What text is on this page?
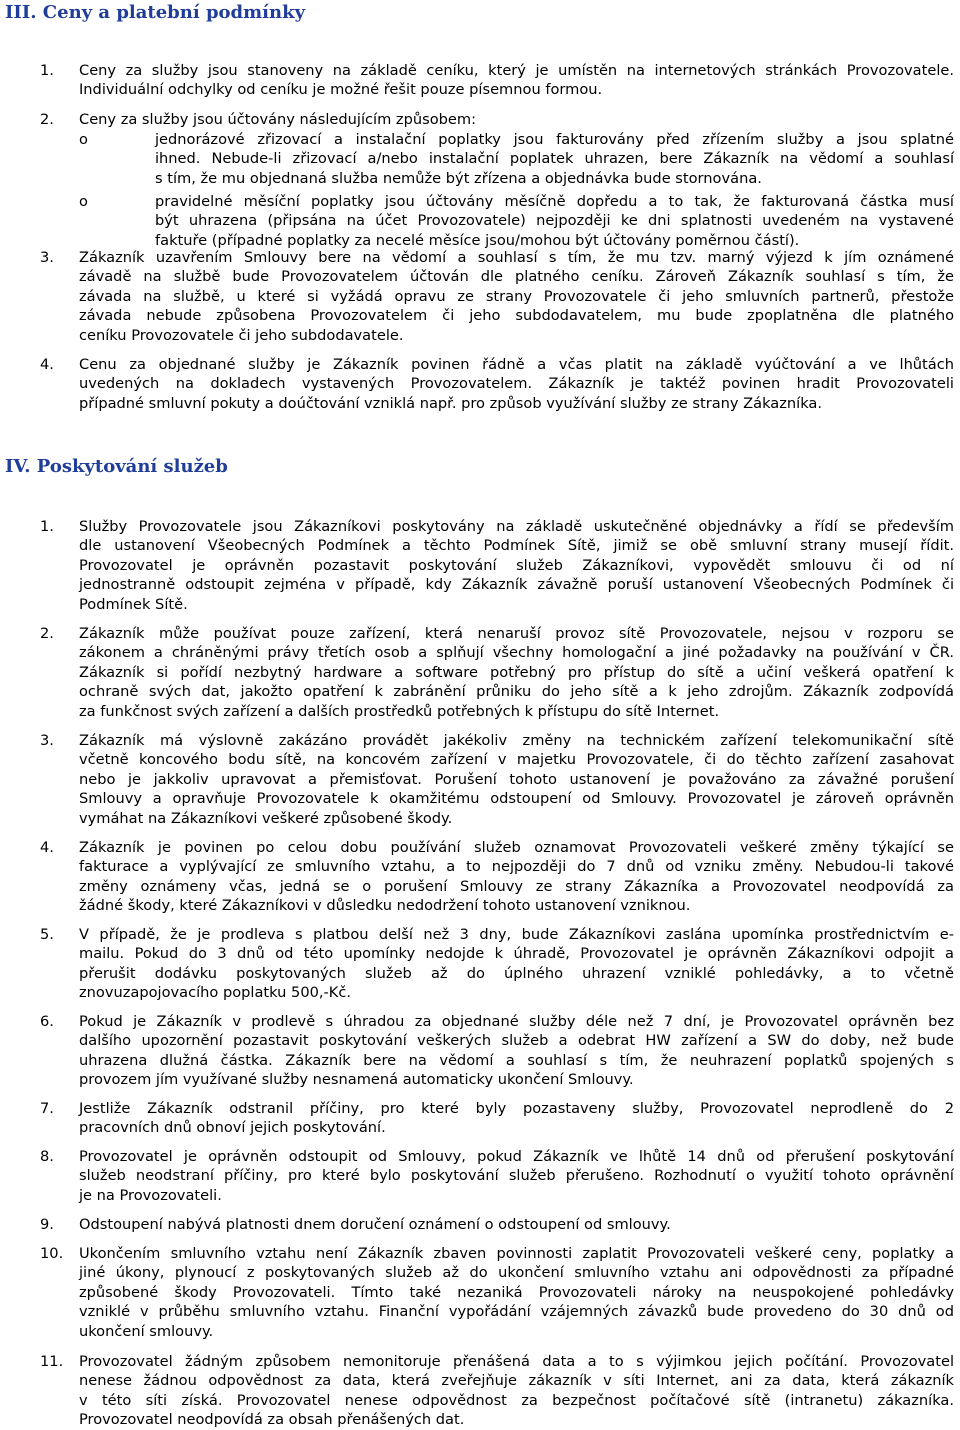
III. Ceny a platební podmínky
1. Ceny za služby jsou stanoveny na základě ceníku, který je umístěn na internetových stránkách Provozovatele.
Individuální odchylky od ceníku je možné řešit pouze písemnou formou.
2. Ceny za služby jsou účtovány následujícím způsobem:
o	jednorázové zřizovací a instalační poplatky jsou fakturovány před zřízením služby a jsou splatné
ihned. Nebude-li zřizovací a/nebo instalační poplatek uhrazen, bere Zákazník na vědomí a souhlasí
s tím, že mu objednaná služba nemůže být zřízena a objednávka bude stornována.
o	pravidelné měsíční poplatky jsou účtovány měsíčně dopředu a to tak, že fakturovaná částka musí
být uhrazena (připsána na účet Provozovatele) nejpozději ke dni splatnosti uvedeném na vystavené
faktuře (případné poplatky za necelé měsíce jsou/mohou být účtovány poměrnou částí).
3. Zákazník uzavřením Smlouvy bere na vědomí a souhlasí s tím, že mu tzv. marný výjezd k jím oznámené
závadě na službě bude Provozovatelem účtován dle platného ceníku. Zároveň Zákazník souhlasí s tím, že
závada na službě, u které si vyžádá opravu ze strany Provozovatele či jeho smluvních partnerů, přestože
závada nebude způsobena Provozovatelem či jeho subdodavatelem, mu bude zpoplatněna dle platného
ceníku Provozovatele či jeho subdodavatele.
4. Cenu za objednané služby je Zákazník povinen řádně a včas platit na základě vyúčtování a ve lhůtách
uvedených na dokladech vystavených Provozovatelem. Zákazník je taktéž povinen hradit Provozovateli
případné smluvní pokuty a doúčtování vzniklá např. pro způsob využívání služby ze strany Zákazníka.
IV. Poskytování služeb
1. Služby Provozovatele jsou Zákazníkovi poskytovány na základě uskutečněné objednávky a řídí se především
dle ustanovení Všeobecných Podmínek a těchto Podmínek Sítě, jimiž se obě smluvní strany musejí řídit.
Provozovatel je oprávněn pozastavit poskytování služeb Zákazníkovi, vypovědět smlouvu či od ní
jednostranně odstoupit zejména v případě, kdy Zákazník závažně poruší ustanovení Všeobecných Podmínek či
Podmínek Sítě.
2. Zákazník může používat pouze zařízení, která nenaruší provoz sítě Provozovatele, nejsou v rozporu se
zákonem a chráněnými právy třetích osob a splňují všechny homologační a jiné požadavky na používání v ČR.
Zákazník si pořídí nezbytný hardware a software potřebný pro přístup do sítě a učiní veškerá opatření k
ochraně svých dat, jakožto opatření k zabránění průniku do jeho sítě a k jeho zdrojům. Zákazník zodpovídá
za funkčnost svých zařízení a dalších prostředků potřebných k přístupu do sítě Internet.
3. Zákazník má výslovně zakázáno provádět jakékoliv změny na technickém zařízení telekomunikační sítě
včetně koncového bodu sítě, na koncovém zařízení v majetku Provozovatele, či do těchto zařízení zasahovat
nebo je jakkoliv upravovat a přemisťovat. Porušení tohoto ustanovení je považováno za závažné porušení
Smlouvy a opravňuje Provozovatele k okamžitému odstoupení od Smlouvy. Provozovatel je zároveň oprávněn
vymáhat na Zákazníkovi veškeré způsobené škody.
4. Zákazník je povinen po celou dobu používání služeb oznamovat Provozovateli veškeré změny týkající se
fakturace a vyplývající ze smluvního vztahu, a to nejpozději do 7 dnů od vzniku změny. Nebudou-li takové
změny oznámeny včas, jedná se o porušení Smlouvy ze strany Zákazníka a Provozovatel neodpovídá za
žádné škody, které Zákazníkovi v důsledku nedodržení tohoto ustanovení vzniknou.
5. V případě, že je prodleva s platbou delší než 3 dny, bude Zákazníkovi zaslána upomínka prostřednictvím e-
mailu. Pokud do 3 dnů od této upomínky nedojde k úhradě, Provozovatel je oprávněn Zákazníkovi odpojit a
přerušit dodávku poskytovaných služeb až do úplného uhrazení vzniklé pohledávky, a to včetně
znovuzapojovacího poplatku 500,-Kč.
6. Pokud je Zákazník v prodlevě s úhradou za objednané služby déle než 7 dní, je Provozovatel oprávněn bez
dalšího upozornění pozastavit poskytování veškerých služeb a odebrat HW zařízení a SW do doby, než bude
uhrazena dlužná částka. Zákazník bere na vědomí a souhlasí s tím, že neuhrazení poplatků spojených s
provozem jím využívané služby nesnamená automaticky ukončení Smlouvy.
7. Jestliže Zákazník odstranil příčiny, pro které byly pozastaveny služby, Provozovatel neprodleně do 2
pracovních dnů obnoví jejich poskytování.
8. Provozovatel je oprávněn odstoupit od Smlouvy, pokud Zákazník ve lhůtě 14 dnů od přerušení poskytování
služeb neodstraní příčiny, pro které bylo poskytování služeb přerušeno. Rozhodnutí o využití tohoto oprávnění
je na Provozovateli.
9. Odstoupení nabývá platnosti dnem doručení oznámení o odstoupení od smlouvy.
10. Ukončením smluvního vztahu není Zákazník zbaven povinnosti zaplatit Provozovateli veškeré ceny, poplatky a
jiné úkony, plynoucí z poskytovaných služeb až do ukončení smluvního vztahu ani odpovědnosti za případné
způsobené škody Provozovateli. Tímto také nezaniká Provozovateli nároky na neuspokojené pohledávky
vzniklé v průběhu smluvního vztahu. Finanční vypořádání vzájemných závazků bude provedeno do 30 dnů od
ukončení smlouvy.
11. Provozovatel žádným způsobem nemonitoruje přenášená data a to s výjimkou jejich počítání. Provozovatel
nenese žádnou odpovědnost za data, která zveřejňuje zákazník v síti Internet, ani za data, která zákazník
v této síti získá. Provozovatel nenese odpovědnost za bezpečnost počítačové sítě (intranetu) zákazníka.
Provozovatel neodpovídá za obsah přenášených dat.
